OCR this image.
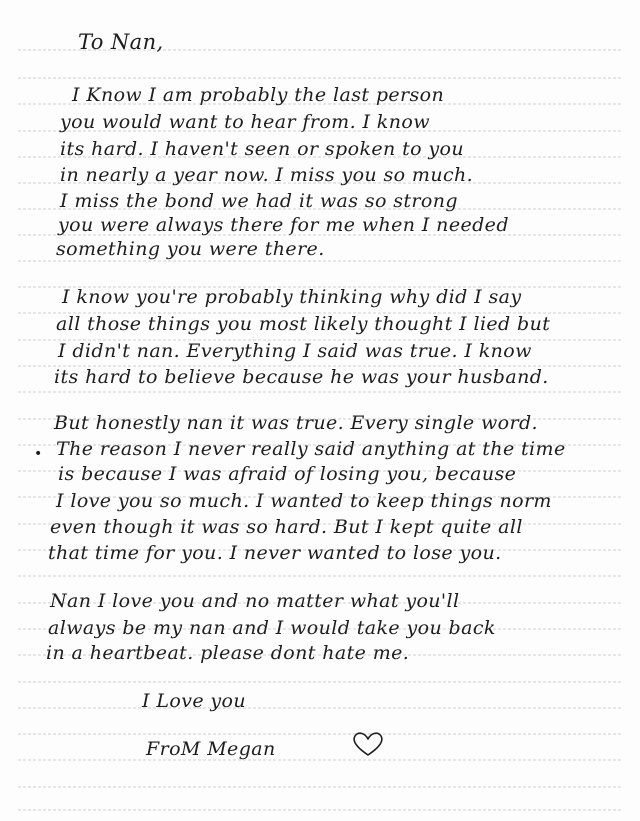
To Nan,
I Know I am probably the last person
you would want to hear from. I know
its hard. I haven't seen or spoken to you
in nearly a year now. I miss you so much.
I miss the bond we had it was so strong
you were always there for me when I needed
something you were there.
I know you're probably thinking why did I say
all those things you most likely thought I lied but
I didn't nan. Everything I said was true. I know
its hard to believe because he was your husband.
But honestly nan it was true. Every single word.
The reason I never really said anything at the time
is because I was afraid of losing you, because
I love you so much. I wanted to keep things norm
even though it was so hard. But I kept quite all
that time for you. I never wanted to lose you.
Nan I love you and no matter what you'll
always be my nan and I would take you back
in a heartbeat. please dont hate me.
I Love you
FroM Megan
•
